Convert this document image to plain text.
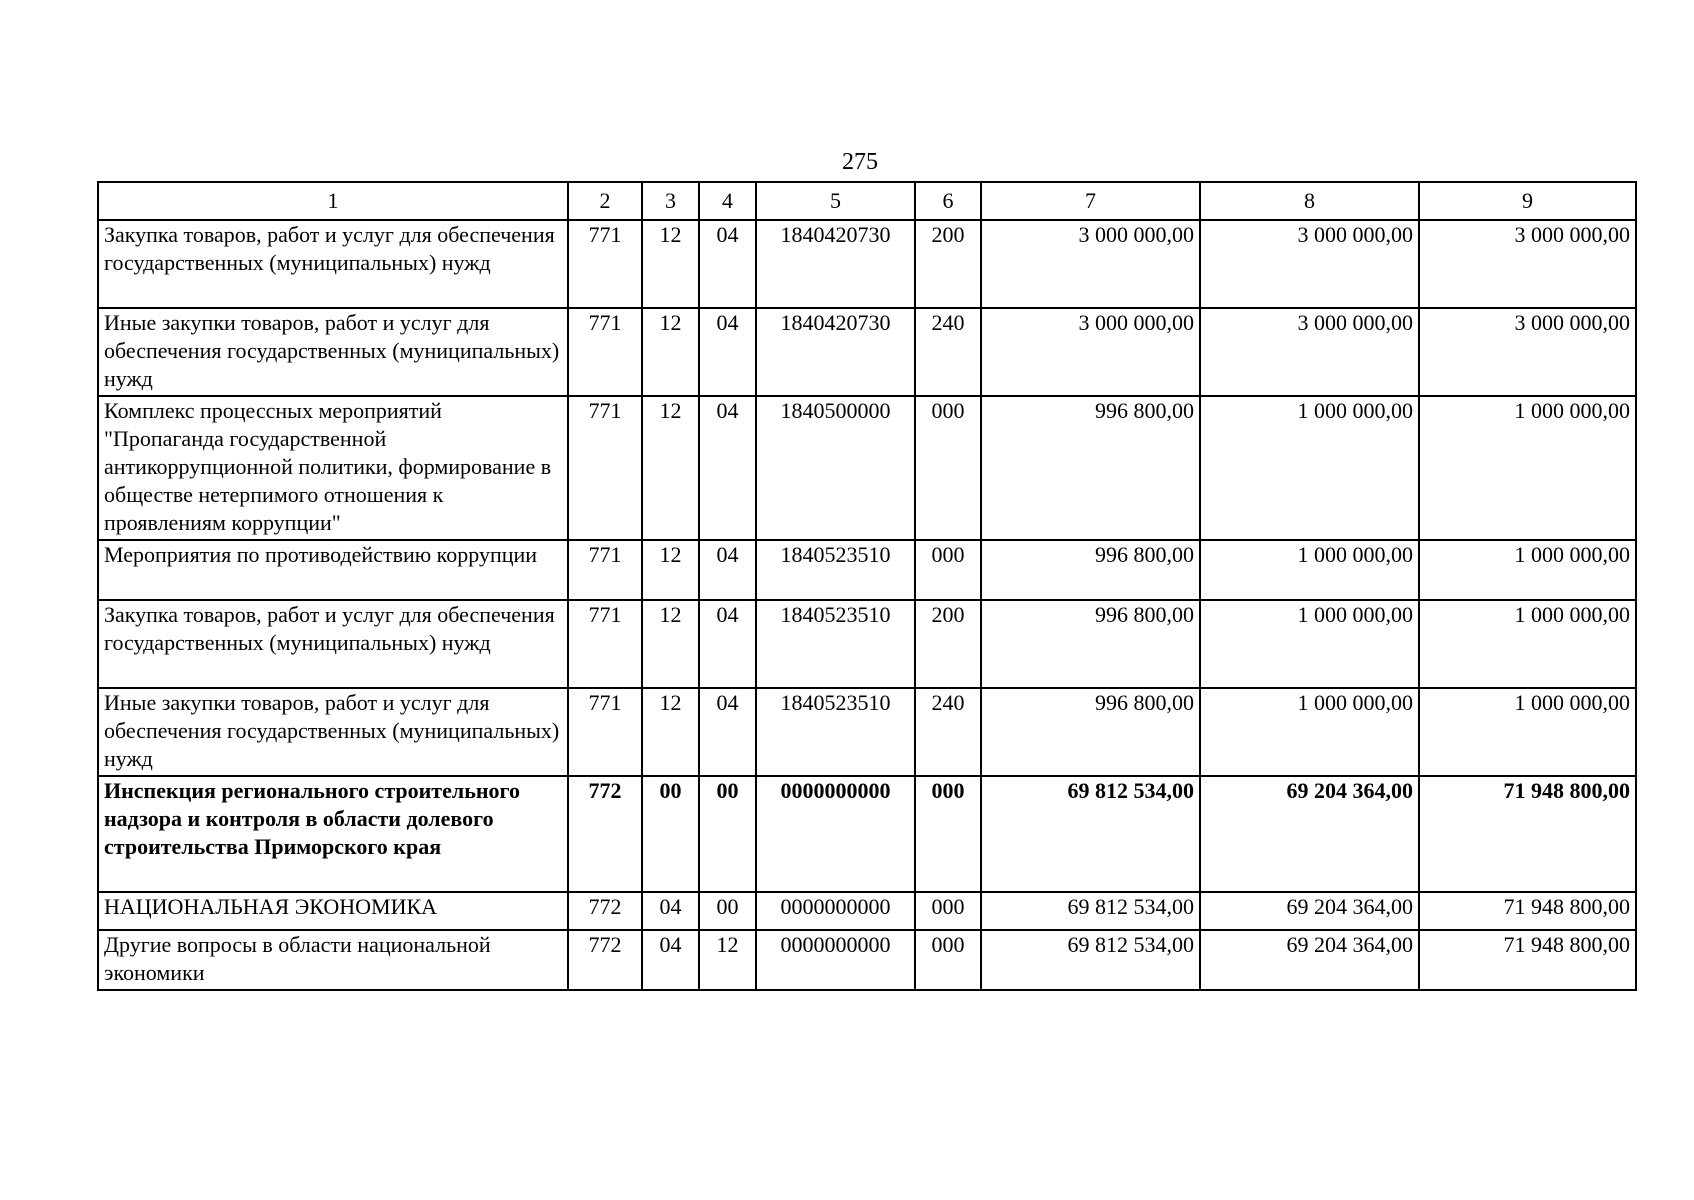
275
1	2	3	4	5	6	7	8	9
Закупка товаров, работ и услуг для обеспечения государственных (муниципальных) нужд	771	12	04	1840420730	200	3 000 000,00	3 000 000,00	3 000 000,00
Иные закупки товаров, работ и услуг для обеспечения государственных (муниципальных) нужд	771	12	04	1840420730	240	3 000 000,00	3 000 000,00	3 000 000,00
Комплекс процессных мероприятий "Пропаганда государственной антикоррупционной политики, формирование в обществе нетерпимого отношения к проявлениям коррупции"	771	12	04	1840500000	000	996 800,00	1 000 000,00	1 000 000,00
Мероприятия по противодействию коррупции	771	12	04	1840523510	000	996 800,00	1 000 000,00	1 000 000,00
Закупка товаров, работ и услуг для обеспечения государственных (муниципальных) нужд	771	12	04	1840523510	200	996 800,00	1 000 000,00	1 000 000,00
Иные закупки товаров, работ и услуг для обеспечения государственных (муниципальных) нужд	771	12	04	1840523510	240	996 800,00	1 000 000,00	1 000 000,00
Инспекция регионального строительного надзора и контроля в области долевого строительства Приморского края	772	00	00	0000000000	000	69 812 534,00	69 204 364,00	71 948 800,00
НАЦИОНАЛЬНАЯ ЭКОНОМИКА	772	04	00	0000000000	000	69 812 534,00	69 204 364,00	71 948 800,00
Другие вопросы в области национальной экономики	772	04	12	0000000000	000	69 812 534,00	69 204 364,00	71 948 800,00
